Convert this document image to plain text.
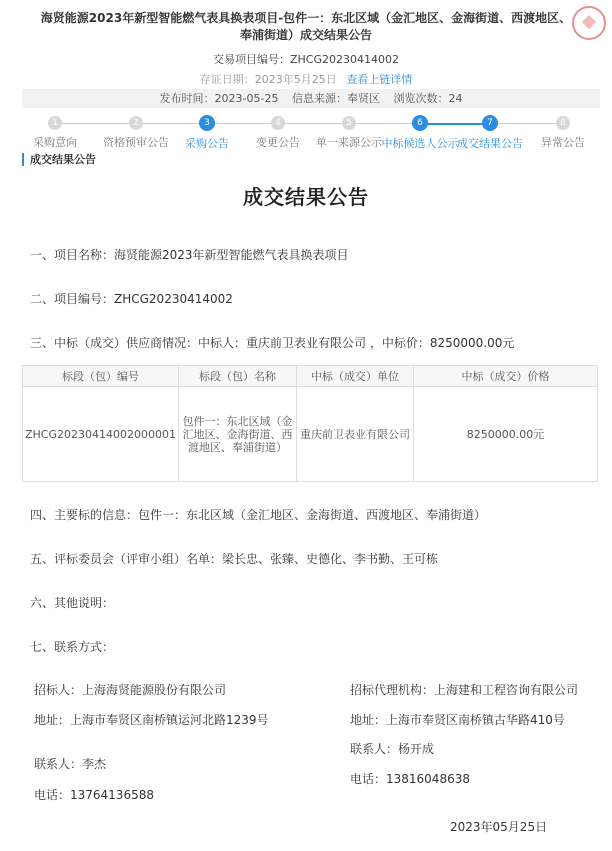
海贤能源2023年新型智能燃气表具换表项目-包件一：东北区域（金汇地区、金海街道、西渡地区、奉浦街道）成交结果公告
交易项目编号：ZHCG20230414002
存证日期：2023年5月25日 查看上链详情
发布时间：2023-05-25 信息来源：奉贤区 浏览次数：24
1
采购意向
2
资格预审公告
3
采购公告
4
变更公告
5
单一来源公示
6
中标候选人公示
7
成交结果公告
8
异常公告
成交结果公告
成交结果公告
一、项目名称：海贤能源2023年新型智能燃气表具换表项目
二、项目编号：ZHCG20230414002
三、中标（成交）供应商情况：中标人：重庆前卫表业有限公司 ，中标价：8250000.00元
标段（包）编号	标段（包）名称	中标（成交）单位	中标（成交）价格
ZHCG20230414002000001	包件一：东北区域（金汇地区、金海街道、西渡地区、奉浦街道）	重庆前卫表业有限公司	8250000.00元
四、主要标的信息：包件一：东北区域（金汇地区、金海街道、西渡地区、奉浦街道）
五、评标委员会（评审小组）名单：梁长忠、张臻、史德化、李书勤、王可栋
六、其他说明：
七、联系方式：
招标人：上海海贤能源股份有限公司
地址：上海市奉贤区南桥镇运河北路1239号
联系人：李杰
电话：13764136588
招标代理机构：上海建和工程咨询有限公司
地址：上海市奉贤区南桥镇古华路410号
联系人：杨开成
电话：13816048638
2023年05月25日
